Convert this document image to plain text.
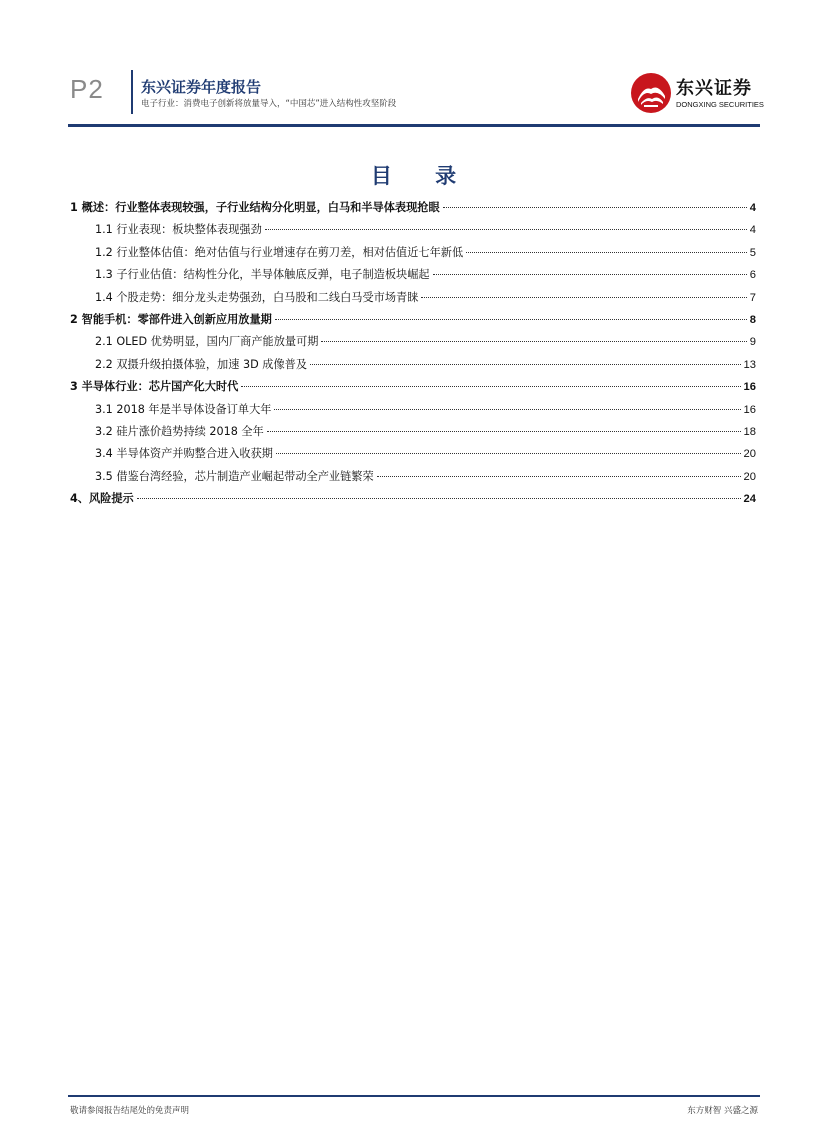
P2 东兴证券年度报告
电子行业：消费电子创新将放量导入，“中国芯”进入结构性攻坚阶段
东兴证券
DONGXING SECURITIES
目 录
1 概述：行业整体表现较强，子行业结构分化明显，白马和半导体表现抢眼	4
1.1 行业表现：板块整体表现强劲	4
1.2 行业整体估值：绝对估值与行业增速存在剪刀差，相对估值近七年新低	5
1.3 子行业估值：结构性分化，半导体触底反弹，电子制造板块崛起	6
1.4 个股走势：细分龙头走势强劲，白马股和二线白马受市场青睐	7
2 智能手机：零部件进入创新应用放量期	8
2.1 OLED 优势明显，国内厂商产能放量可期	9
2.2 双摄升级拍摄体验，加速 3D 成像普及	13
3 半导体行业：芯片国产化大时代	16
3.1 2018 年是半导体设备订单大年	16
3.2 硅片涨价趋势持续 2018 全年	18
3.4 半导体资产并购整合进入收获期	20
3.5 借鉴台湾经验，芯片制造产业崛起带动全产业链繁荣	20
4、风险提示	24
敬请参阅报告结尾处的免责声明	东方财智 兴盛之源
